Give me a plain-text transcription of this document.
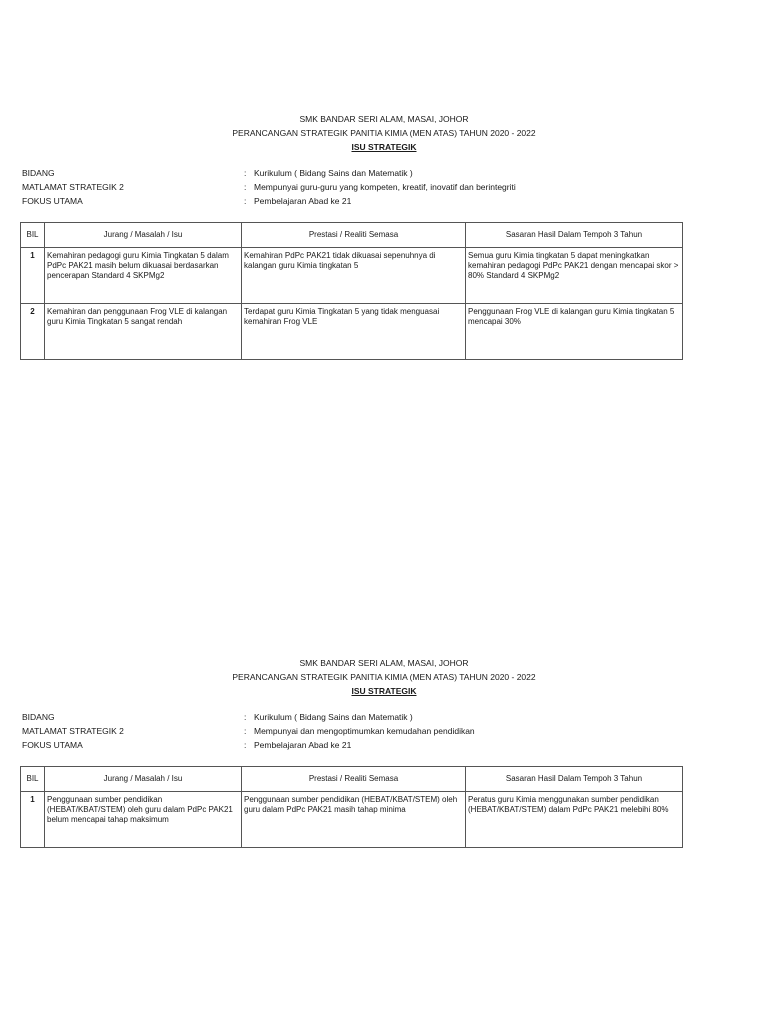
SMK BANDAR SERI ALAM, MASAI, JOHOR
PERANCANGAN STRATEGIK PANITIA KIMIA (MEN ATAS) TAHUN 2020 - 2022
ISU STRATEGIK
BIDANG	: Kurikulum ( Bidang Sains dan Matematik )
MATLAMAT STRATEGIK 2	: Mempunyai guru-guru yang kompeten, kreatif, inovatif dan berintegriti
FOKUS UTAMA	: Pembelajaran Abad ke 21
BIL	Jurang / Masalah / Isu	Prestasi / Realiti Semasa	Sasaran Hasil Dalam Tempoh 3 Tahun
1	Kemahiran pedagogi guru Kimia Tingkatan 5 dalam PdPc PAK21 masih belum dikuasai berdasarkan pencerapan Standard 4 SKPMg2	Kemahiran PdPc PAK21 tidak dikuasai sepenuhnya di kalangan guru Kimia tingkatan 5	Semua guru Kimia tingkatan 5 dapat meningkatkan kemahiran pedagogi PdPc PAK21 dengan mencapai skor > 80% Standard 4 SKPMg2
2	Kemahiran dan penggunaan Frog VLE di kalangan guru Kimia Tingkatan 5 sangat rendah	Terdapat guru Kimia Tingkatan 5 yang tidak menguasai kemahiran Frog VLE	Penggunaan Frog VLE di kalangan guru Kimia tingkatan 5 mencapai 30%
SMK BANDAR SERI ALAM, MASAI, JOHOR
PERANCANGAN STRATEGIK PANITIA KIMIA (MEN ATAS) TAHUN 2020 - 2022
ISU STRATEGIK
BIDANG	: Kurikulum ( Bidang Sains dan Matematik )
MATLAMAT STRATEGIK 2	: Mempunyai dan mengoptimumkan kemudahan pendidikan
FOKUS UTAMA	: Pembelajaran Abad ke 21
BIL	Jurang / Masalah / Isu	Prestasi / Realiti Semasa	Sasaran Hasil Dalam Tempoh 3 Tahun
1	Penggunaan sumber pendidikan (HEBAT/KBAT/STEM) oleh guru dalam PdPc PAK21 belum mencapai tahap maksimum	Penggunaan sumber pendidikan (HEBAT/KBAT/STEM) oleh guru dalam PdPc PAK21 masih tahap minima	Peratus guru Kimia menggunakan sumber pendidikan (HEBAT/KBAT/STEM) dalam PdPc PAK21 melebihi 80%
